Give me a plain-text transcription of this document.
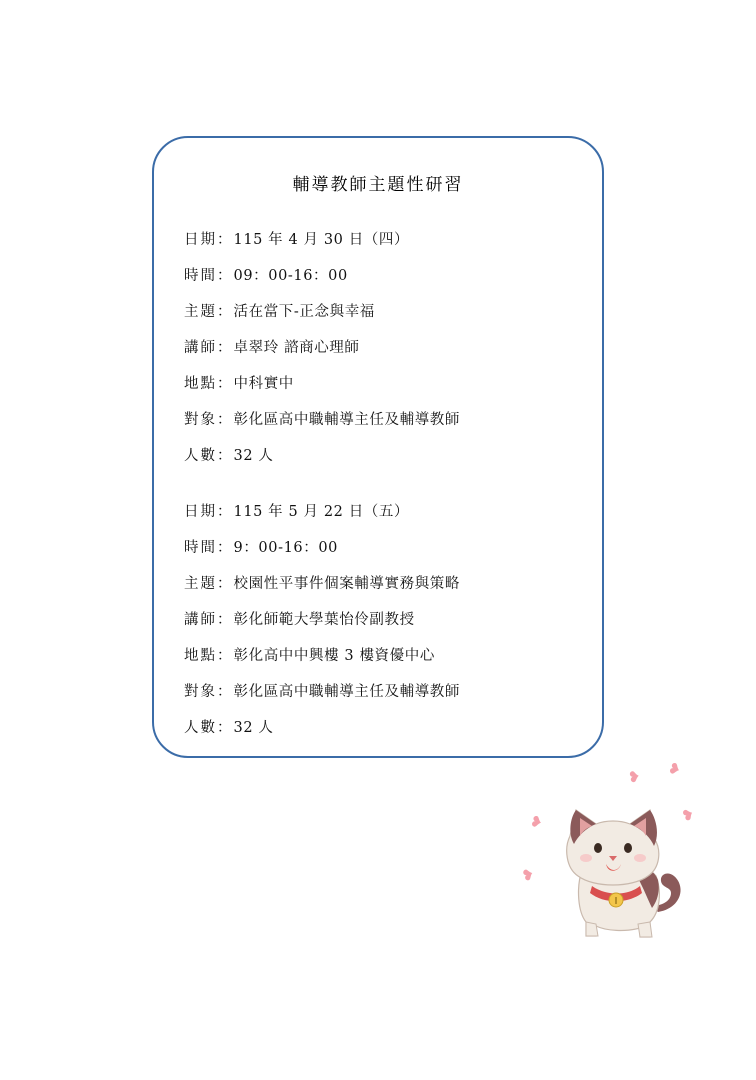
輔導教師主題性研習
日期：115 年 4 月 30 日（四）
時間：09：00-16：00
主題：活在當下-正念與幸福
講師：卓翠玲 諮商心理師
地點：中科實中
對象：彰化區高中職輔導主任及輔導教師
人數：32 人
日期：115 年 5 月 22 日（五）
時間：9：00-16：00
主題：校園性平事件個案輔導實務與策略
講師：彰化師範大學葉怡伶副教授
地點：彰化高中中興樓 3 樓資優中心
對象：彰化區高中職輔導主任及輔導教師
人數：32 人
❥
❥
❥ ❥
❥
